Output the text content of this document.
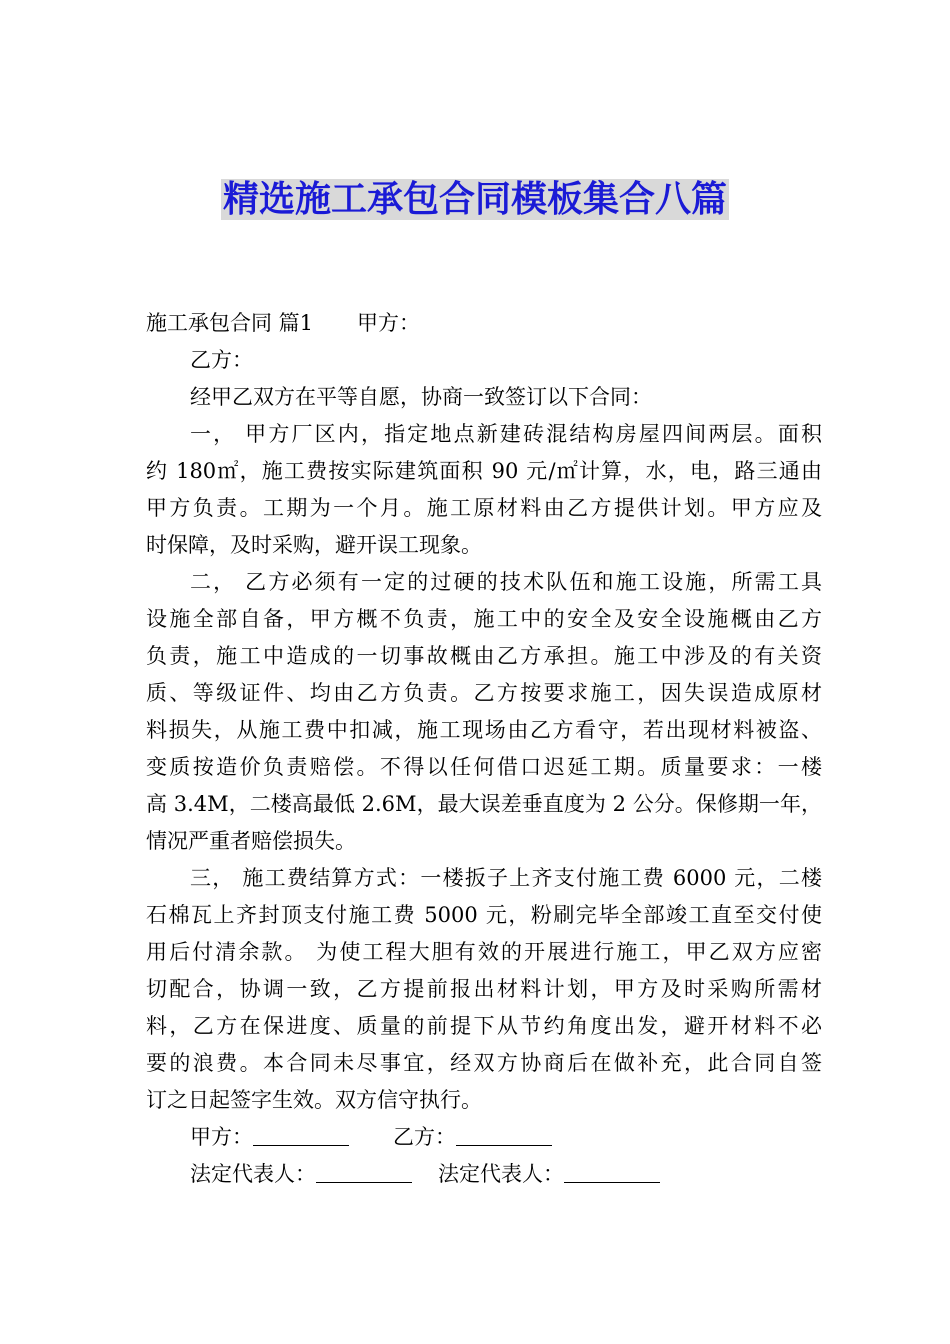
精选施工承包合同模板集合八篇
施工承包合同 篇1 甲方：
乙方：
经甲乙双方在平等自愿，协商一致签订以下合同：
一， 甲方厂区内，指定地点新建砖混结构房屋四间两层。面积
约 180㎡，施工费按实际建筑面积 90 元/㎡计算，水，电，路三通由
甲方负责。工期为一个月。施工原材料由乙方提供计划。甲方应及
时保障，及时采购，避开误工现象。
二， 乙方必须有一定的过硬的技术队伍和施工设施，所需工具
设施全部自备，甲方概不负责，施工中的安全及安全设施概由乙方
负责，施工中造成的一切事故概由乙方承担。施工中涉及的有关资
质、等级证件、均由乙方负责。乙方按要求施工，因失误造成原材
料损失，从施工费中扣减，施工现场由乙方看守，若出现材料被盗、
变质按造价负责赔偿。不得以任何借口迟延工期。质量要求：一楼
高 3.4M，二楼高最低 2.6M，最大误差垂直度为 2 公分。保修期一年，
情况严重者赔偿损失。
三， 施工费结算方式：一楼扳子上齐支付施工费 6000 元，二楼
石棉瓦上齐封顶支付施工费 5000 元，粉刷完毕全部竣工直至交付使
用后付清余款。 为使工程大胆有效的开展进行施工，甲乙双方应密
切配合，协调一致，乙方提前报出材料计划，甲方及时采购所需材
料，乙方在保进度、质量的前提下从节约角度出发，避开材料不必
要的浪费。本合同未尽事宜，经双方协商后在做补充，此合同自签
订之日起签字生效。双方信守执行。
甲方：	乙方：
法定代表人：	法定代表人：
